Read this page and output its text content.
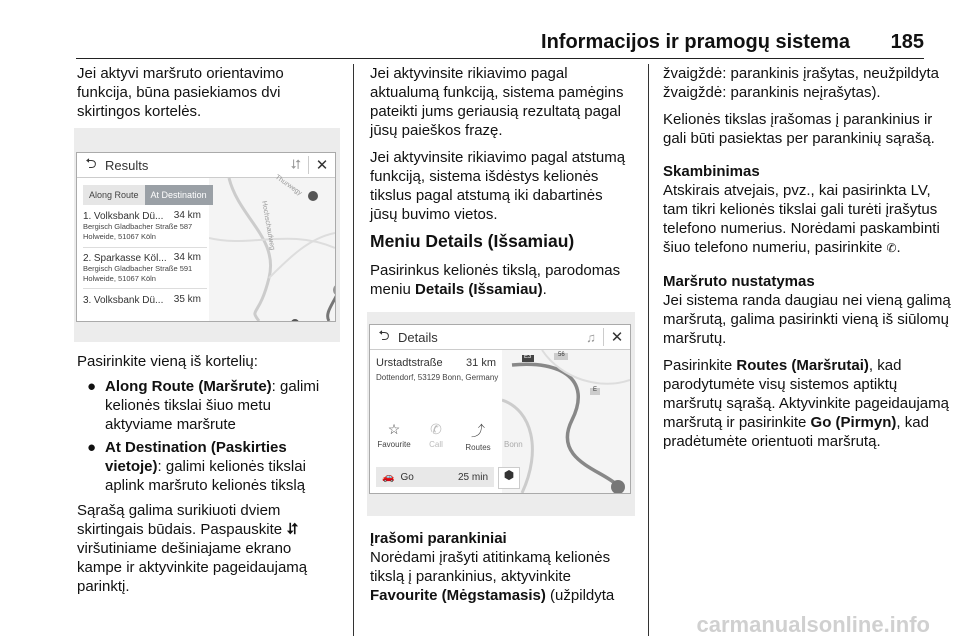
Informacijos ir pramogų sistema 185

Jei aktyvi maršruto orientavimo funkcija, būna pasiekiamos dvi skirtingos kortelės.

⮌ Results	⮃ ✕
Thurwegy
Hochschaufweg
Along Route	At Destination
1. Volksbank Dü... 34 km
Bergisch Gladbacher Straße 587
Holweide, 51067 Köln
2. Sparkasse Köl... 34 km
Bergisch Gladbacher Straße 591
Holweide, 51067 Köln
3. Volksbank Dü... 35 km

Pasirinkite vieną iš kortelių:

● Along Route (Maršrute): galimi kelionės tikslai šiuo metu aktyviame maršrute
● At Destination (Paskirties vietoje): galimi kelionės tikslai aplink maršruto kelionės tikslą

Sąrašą galima surikiuoti dviem skirtingais būdais. Paspauskite ⮃ viršutiniame dešiniajame ekrano kampe ir aktyvinkite pageidaujamą parinktį.

Jei aktyvinsite rikiavimo pagal aktualumą funkciją, sistema pamėgins pateikti jums geriausią rezultatą pagal jūsų paieškos frazę.

Jei aktyvinsite rikiavimo pagal atstumą funkciją, sistema išdėstys kelionės tikslus pagal atstumą iki dabartinės jūsų buvimo vietos.

Meniu Details (Išsamiau)

Pasirinkus kelionės tikslą, parodomas meniu Details (Išsamiau).

⮌ Details	♫ ✕
E3	56
E
Bonn
Urstadtstraße 31 km
Dottendorf, 53129 Bonn, Germany
☆
Favourite
✆
Call
⤴
Routes
🚗 Go	25 min	⬢
Įrašomi parankiniai

Norėdami įrašyti atitinkamą kelionės tikslą į parankinius, aktyvinkite Favourite (Mėgstamasis) (užpildyta

žvaigždė: parankinis įrašytas, neužpildyta žvaigždė: parankinis neįrašytas).

Kelionės tikslas įrašomas į parankinius ir gali būti pasiektas per parankinių sąrašą.

Skambinimas

Atskirais atvejais, pvz., kai pasirinkta LV, tam tikri kelionės tikslai gali turėti įrašytus telefono numerius. Norėdami paskambinti šiuo telefono numeriu, pasirinkite ✆.

Maršruto nustatymas

Jei sistema randa daugiau nei vieną galimą maršrutą, galima pasirinkti vieną iš siūlomų maršrutų.

Pasirinkite Routes (Maršrutai), kad parodytumėte visų sistemos aptiktų maršrutų sąrašą. Aktyvinkite pageidaujamą maršrutą ir pasirinkite Go (Pirmyn), kad pradėtumėte orientuoti maršrutą.

carmanualsonline.info
